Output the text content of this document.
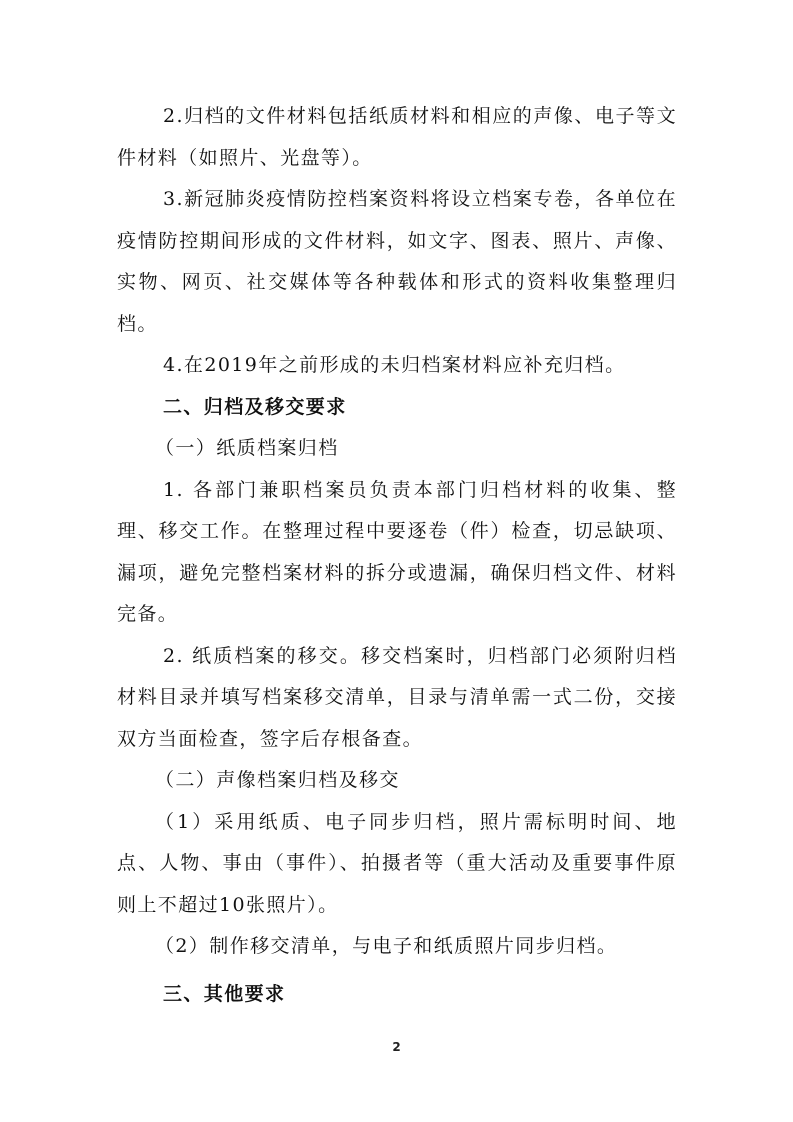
2.归档的文件材料包括纸质材料和相应的声像、电子等文件材料（如照片、光盘等）。

3.新冠肺炎疫情防控档案资料将设立档案专卷，各单位在疫情防控期间形成的文件材料，如文字、图表、照片、声像、实物、网页、社交媒体等各种载体和形式的资料收集整理归档。

4.在2019年之前形成的未归档案材料应补充归档。

二、归档及移交要求

（一）纸质档案归档

1. 各部门兼职档案员负责本部门归档材料的收集、整理、移交工作。在整理过程中要逐卷（件）检查，切忌缺项、漏项，避免完整档案材料的拆分或遗漏，确保归档文件、材料完备。

2. 纸质档案的移交。移交档案时，归档部门必须附归档材料目录并填写档案移交清单，目录与清单需一式二份，交接双方当面检查，签字后存根备查。

（二）声像档案归档及移交

（1）采用纸质、电子同步归档，照片需标明时间、地点、人物、事由（事件）、拍摄者等（重大活动及重要事件原则上不超过10张照片）。

（2）制作移交清单，与电子和纸质照片同步归档。

三、其他要求
2
